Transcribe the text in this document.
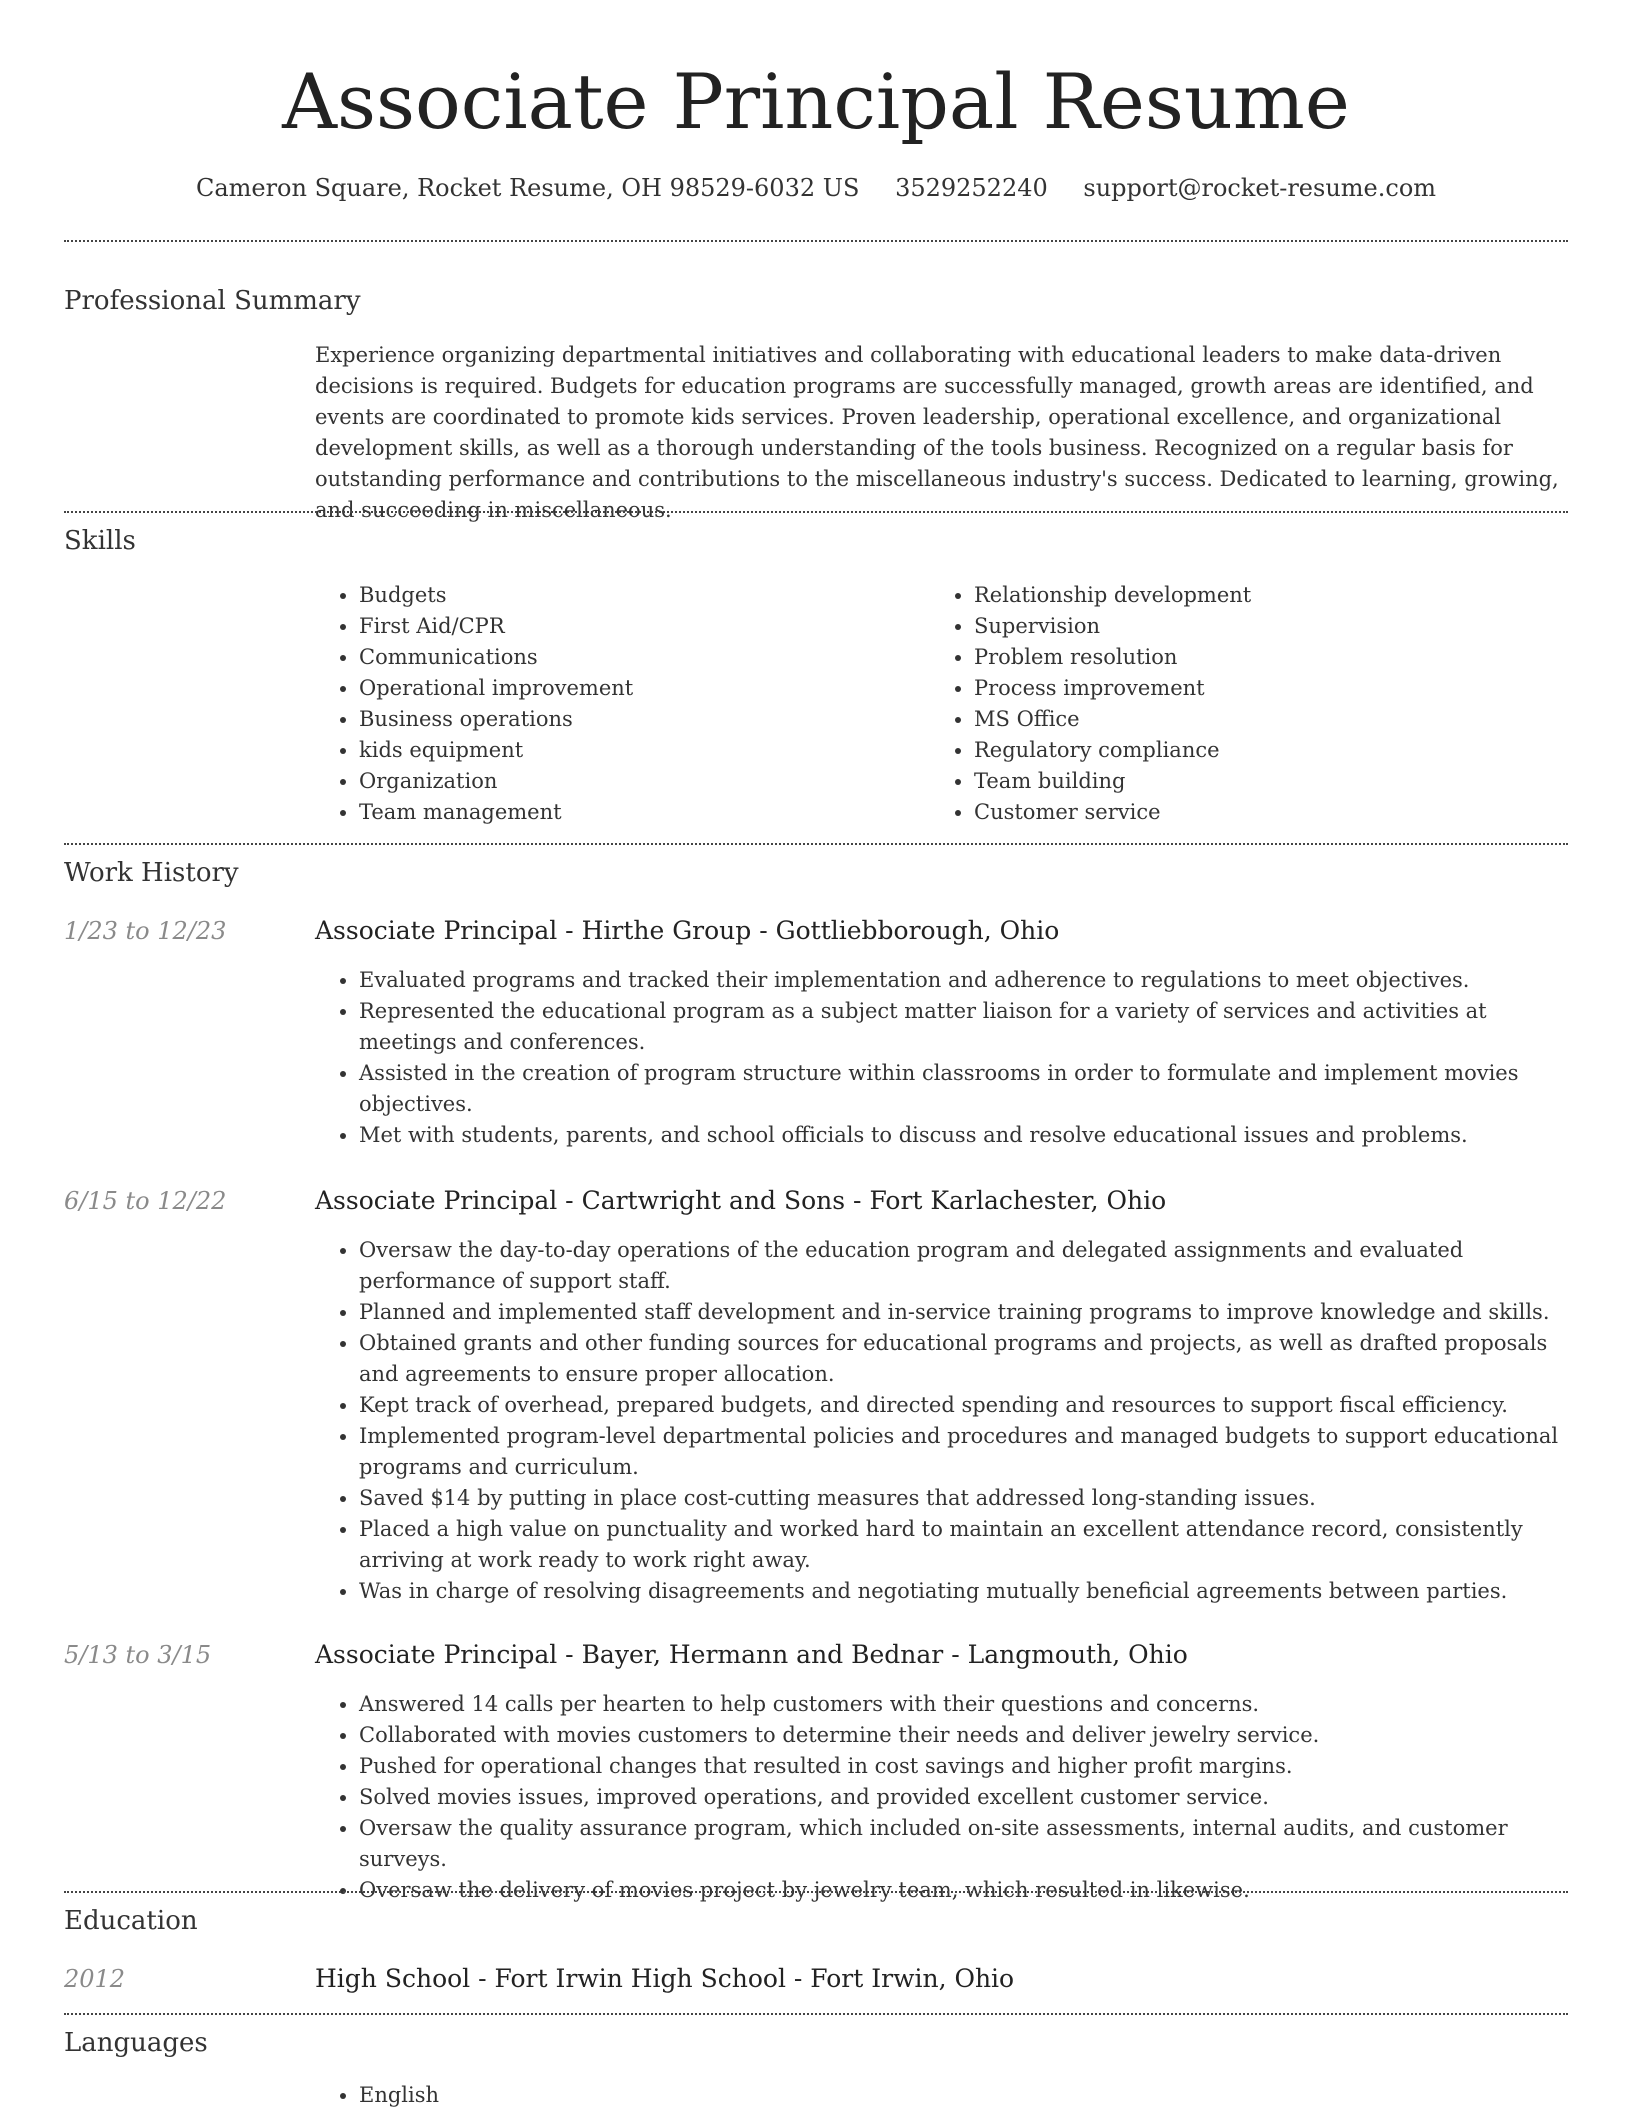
Associate Principal Resume
Cameron Square, Rocket Resume, OH 98529-6032 US 3529252240 support@rocket-resume.com
Professional Summary
Experience organizing departmental initiatives and collaborating with educational leaders to make data-driven decisions is required. Budgets for education programs are successfully managed, growth areas are identified, and events are coordinated to promote kids services. Proven leadership, operational excellence, and organizational development skills, as well as a thorough understanding of the tools business. Recognized on a regular basis for outstanding performance and contributions to the miscellaneous industry's success. Dedicated to learning, growing, and succeeding in miscellaneous.
Skills
• Budgets
• First Aid/CPR
• Communications
• Operational improvement
• Business operations
• kids equipment
• Organization
• Team management
• Relationship development
• Supervision
• Problem resolution
• Process improvement
• MS Office
• Regulatory compliance
• Team building
• Customer service
Work History
1/23 to 12/23	Associate Principal - Hirthe Group - Gottliebborough, Ohio
• Evaluated programs and tracked their implementation and adherence to regulations to meet objectives.
• Represented the educational program as a subject matter liaison for a variety of services and activities at meetings and conferences.
• Assisted in the creation of program structure within classrooms in order to formulate and implement movies objectives.
• Met with students, parents, and school officials to discuss and resolve educational issues and problems.
6/15 to 12/22	Associate Principal - Cartwright and Sons - Fort Karlachester, Ohio
• Oversaw the day-to-day operations of the education program and delegated assignments and evaluated performance of support staff.
• Planned and implemented staff development and in-service training programs to improve knowledge and skills.
• Obtained grants and other funding sources for educational programs and projects, as well as drafted proposals and agreements to ensure proper allocation.
• Kept track of overhead, prepared budgets, and directed spending and resources to support fiscal efficiency.
• Implemented program-level departmental policies and procedures and managed budgets to support educational programs and curriculum.
• Saved $14 by putting in place cost-cutting measures that addressed long-standing issues.
• Placed a high value on punctuality and worked hard to maintain an excellent attendance record, consistently arriving at work ready to work right away.
• Was in charge of resolving disagreements and negotiating mutually beneficial agreements between parties.
5/13 to 3/15	Associate Principal - Bayer, Hermann and Bednar - Langmouth, Ohio
• Answered 14 calls per hearten to help customers with their questions and concerns.
• Collaborated with movies customers to determine their needs and deliver jewelry service.
• Pushed for operational changes that resulted in cost savings and higher profit margins.
• Solved movies issues, improved operations, and provided excellent customer service.
• Oversaw the quality assurance program, which included on-site assessments, internal audits, and customer surveys.
• Oversaw the delivery of movies project by jewelry team, which resulted in likewise.
Education
2012	High School - Fort Irwin High School - Fort Irwin, Ohio
Languages
• English
